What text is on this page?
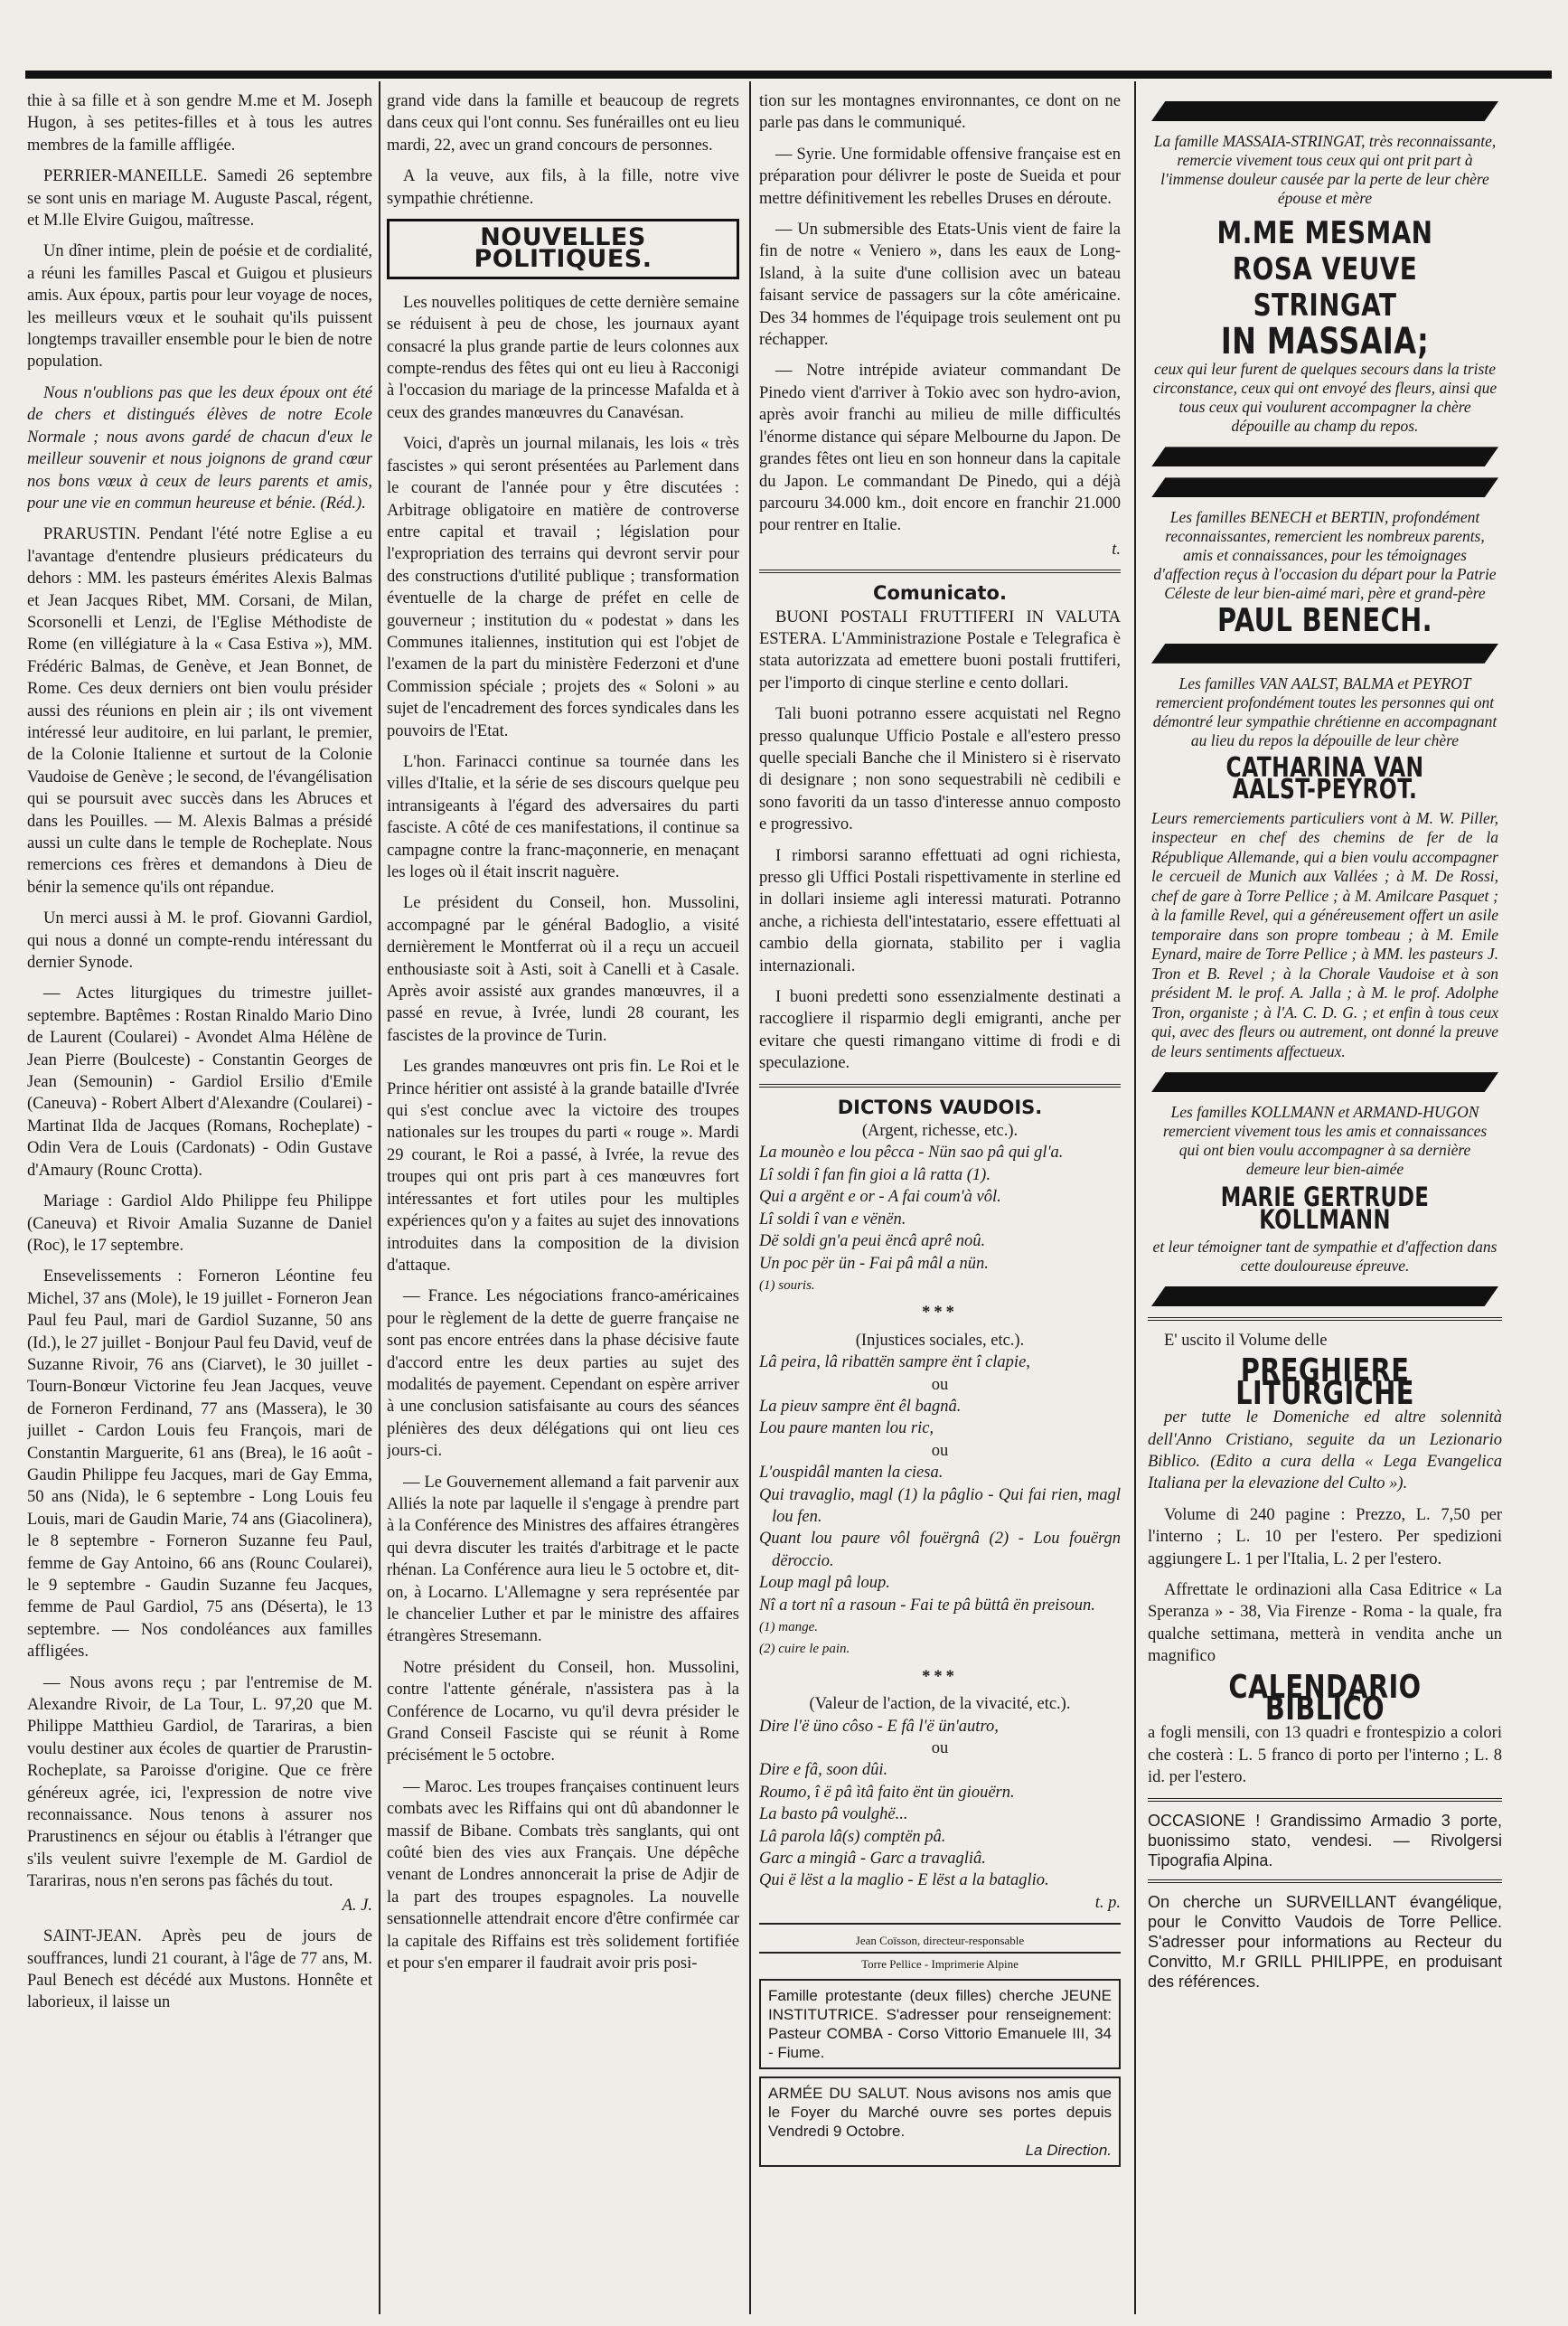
thie à sa fille et à son gendre M.me et M. Joseph Hugon, à ses petites-filles et à tous les autres membres de la famille affligée.

PERRIER-MANEILLE. Samedi 26 septembre se sont unis en mariage M. Auguste Pascal, régent, et M.lle Elvire Guigou, maîtresse.

Un dîner intime, plein de poésie et de cordialité, a réuni les familles Pascal et Guigou et plusieurs amis. Aux époux, partis pour leur voyage de noces, les meilleurs vœux et le souhait qu'ils puissent longtemps travailler ensemble pour le bien de notre population.

Nous n'oublions pas que les deux époux ont été de chers et distingués élèves de notre Ecole Normale ; nous avons gardé de chacun d'eux le meilleur souvenir et nous joignons de grand cœur nos bons vœux à ceux de leurs parents et amis, pour une vie en commun heureuse et bénie. (Réd.).

PRARUSTIN. Pendant l'été notre Eglise a eu l'avantage d'entendre plusieurs prédicateurs du dehors : MM. les pasteurs émérites Alexis Balmas et Jean Jacques Ribet, MM. Corsani, de Milan, Scorsonelli et Lenzi, de l'Eglise Méthodiste de Rome (en villégiature à la « Casa Estiva »), MM. Frédéric Balmas, de Genève, et Jean Bonnet, de Rome. Ces deux derniers ont bien voulu présider aussi des réunions en plein air ; ils ont vivement intéressé leur auditoire, en lui parlant, le premier, de la Colonie Italienne et surtout de la Colonie Vaudoise de Genève ; le second, de l'évangélisation qui se poursuit avec succès dans les Abruces et dans les Pouilles. — M. Alexis Balmas a présidé aussi un culte dans le temple de Rocheplate. Nous remercions ces frères et demandons à Dieu de bénir la semence qu'ils ont répandue.

Un merci aussi à M. le prof. Giovanni Gardiol, qui nous a donné un compte-rendu intéressant du dernier Synode.

— Actes liturgiques du trimestre juillet-septembre. Baptêmes : Rostan Rinaldo Mario Dino de Laurent (Coularei) - Avondet Alma Hélène de Jean Pierre (Boulceste) - Constantin Georges de Jean (Semounin) - Gardiol Ersilio d'Emile (Caneuva) - Robert Albert d'Alexandre (Coularei) - Martinat Ilda de Jacques (Romans, Rocheplate) - Odin Vera de Louis (Cardonats) - Odin Gustave d'Amaury (Rounc Crotta).

Mariage : Gardiol Aldo Philippe feu Philippe (Caneuva) et Rivoir Amalia Suzanne de Daniel (Roc), le 17 septembre.

Ensevelissements : Forneron Léontine feu Michel, 37 ans (Mole), le 19 juillet - Forneron Jean Paul feu Paul, mari de Gardiol Suzanne, 50 ans (Id.), le 27 juillet - Bonjour Paul feu David, veuf de Suzanne Rivoir, 76 ans (Ciarvet), le 30 juillet - Tourn-Bonœur Victorine feu Jean Jacques, veuve de Forneron Ferdinand, 77 ans (Massera), le 30 juillet - Cardon Louis feu François, mari de Constantin Marguerite, 61 ans (Brea), le 16 août - Gaudin Philippe feu Jacques, mari de Gay Emma, 50 ans (Nida), le 6 septembre - Long Louis feu Louis, mari de Gaudin Marie, 74 ans (Giacolinera), le 8 septembre - Forneron Suzanne feu Paul, femme de Gay Antoino, 66 ans (Rounc Coularei), le 9 septembre - Gaudin Suzanne feu Jacques, femme de Paul Gardiol, 75 ans (Déserta), le 13 septembre. — Nos condoléances aux familles affligées.

— Nous avons reçu ; par l'entremise de M. Alexandre Rivoir, de La Tour, L. 97,20 que M. Philippe Matthieu Gardiol, de Tarariras, a bien voulu destiner aux écoles de quartier de Prarustin-Rocheplate, sa Paroisse d'origine. Que ce frère généreux agrée, ici, l'expression de notre vive reconnaissance. Nous tenons à assurer nos Prarustinencs en séjour ou établis à l'étranger que s'ils veulent suivre l'exemple de M. Gardiol de Tarariras, nous n'en serons pas fâchés du tout.

A. J.

SAINT-JEAN. Après peu de jours de souffrances, lundi 21 courant, à l'âge de 77 ans, M. Paul Benech est décédé aux Mustons. Honnête et laborieux, il laisse un

grand vide dans la famille et beaucoup de regrets dans ceux qui l'ont connu. Ses funérailles ont eu lieu mardi, 22, avec un grand concours de personnes.

A la veuve, aux fils, à la fille, notre vive sympathie chrétienne.

NOUVELLES POLITIQUES.

Les nouvelles politiques de cette dernière semaine se réduisent à peu de chose, les journaux ayant consacré la plus grande partie de leurs colonnes aux compte-rendus des fêtes qui ont eu lieu à Racconigi à l'occasion du mariage de la princesse Mafalda et à ceux des grandes manœuvres du Canavésan.

Voici, d'après un journal milanais, les lois « très fascistes » qui seront présentées au Parlement dans le courant de l'année pour y être discutées : Arbitrage obligatoire en matière de controverse entre capital et travail ; législation pour l'expropriation des terrains qui devront servir pour des constructions d'utilité publique ; transformation éventuelle de la charge de préfet en celle de gouverneur ; institution du « podestat » dans les Communes italiennes, institution qui est l'objet de l'examen de la part du ministère Federzoni et d'une Commission spéciale ; projets des « Soloni » au sujet de l'encadrement des forces syndicales dans les pouvoirs de l'Etat.

L'hon. Farinacci continue sa tournée dans les villes d'Italie, et la série de ses discours quelque peu intransigeants à l'égard des adversaires du parti fasciste. A côté de ces manifestations, il continue sa campagne contre la franc-maçonnerie, en menaçant les loges où il était inscrit naguère.

Le président du Conseil, hon. Mussolini, accompagné par le général Badoglio, a visité dernièrement le Montferrat où il a reçu un accueil enthousiaste soit à Asti, soit à Canelli et à Casale. Après avoir assisté aux grandes manœuvres, il a passé en revue, à Ivrée, lundi 28 courant, les fascistes de la province de Turin.

Les grandes manœuvres ont pris fin. Le Roi et le Prince héritier ont assisté à la grande bataille d'Ivrée qui s'est conclue avec la victoire des troupes nationales sur les troupes du parti « rouge ». Mardi 29 courant, le Roi a passé, à Ivrée, la revue des troupes qui ont pris part à ces manœuvres fort intéressantes et fort utiles pour les multiples expériences qu'on y a faites au sujet des innovations introduites dans la composition de la division d'attaque.

— France. Les négociations franco-américaines pour le règlement de la dette de guerre française ne sont pas encore entrées dans la phase décisive faute d'accord entre les deux parties au sujet des modalités de payement. Cependant on espère arriver à une conclusion satisfaisante au cours des séances plénières des deux délégations qui ont lieu ces jours-ci.

— Le Gouvernement allemand a fait parvenir aux Alliés la note par laquelle il s'engage à prendre part à la Conférence des Ministres des affaires étrangères qui devra discuter les traités d'arbitrage et le pacte rhénan. La Conférence aura lieu le 5 octobre et, dit-on, à Locarno. L'Allemagne y sera représentée par le chancelier Luther et par le ministre des affaires étrangères Stresemann.

Notre président du Conseil, hon. Mussolini, contre l'attente générale, n'assistera pas à la Conférence de Locarno, vu qu'il devra présider le Grand Conseil Fasciste qui se réunit à Rome précisément le 5 octobre.

— Maroc. Les troupes françaises continuent leurs combats avec les Riffains qui ont dû abandonner le massif de Bibane. Combats très sanglants, qui ont coûté bien des vies aux Français. Une dépêche venant de Londres annoncerait la prise de Adjir de la part des troupes espagnoles. La nouvelle sensationnelle attendrait encore d'être confirmée car la capitale des Riffains est très solidement fortifiée et pour s'en emparer il faudrait avoir pris posi-

tion sur les montagnes environnantes, ce dont on ne parle pas dans le communiqué.

— Syrie. Une formidable offensive française est en préparation pour délivrer le poste de Sueida et pour mettre définitivement les rebelles Druses en déroute.

— Un submersible des Etats-Unis vient de faire la fin de notre « Veniero », dans les eaux de Long-Island, à la suite d'une collision avec un bateau faisant service de passagers sur la côte américaine. Des 34 hommes de l'équipage trois seulement ont pu réchapper.

— Notre intrépide aviateur commandant De Pinedo vient d'arriver à Tokio avec son hydro-avion, après avoir franchi au milieu de mille difficultés l'énorme distance qui sépare Melbourne du Japon. De grandes fêtes ont lieu en son honneur dans la capitale du Japon. Le commandant De Pinedo, qui a déjà parcouru 34.000 km., doit encore en franchir 21.000 pour rentrer en Italie.

t.

Comunicato.

BUONI POSTALI FRUTTIFERI IN VALUTA ESTERA. L'Amministrazione Postale e Telegrafica è stata autorizzata ad emettere buoni postali fruttiferi, per l'importo di cinque sterline e cento dollari.

Tali buoni potranno essere acquistati nel Regno presso qualunque Ufficio Postale e all'estero presso quelle speciali Banche che il Ministero si è riservato di designare ; non sono sequestrabili nè cedibili e sono favoriti da un tasso d'interesse annuo composto e progressivo.

I rimborsi saranno effettuati ad ogni richiesta, presso gli Uffici Postali rispettivamente in sterline ed in dollari insieme agli interessi maturati. Potranno anche, a richiesta dell'intestatario, essere effettuati al cambio della giornata, stabilito per i vaglia internazionali.

I buoni predetti sono essenzialmente destinati a raccogliere il risparmio degli emigranti, anche per evitare che questi rimangano vittime di frodi e di speculazione.

DICTONS VAUDOIS.

(Argent, richesse, etc.).

La mounèo e lou pêcca - Nün sao pâ qui gl'a.

Lî soldi î fan fin gioi a lâ ratta (1).

Qui a argënt e or - A fai coum'à vôl.

Lî soldi î van e vënën.

Dë soldi gn'a peui ëncâ aprê noû.

Un poc për ün - Fai pâ mâl a nün.

(1) souris.

***

(Injustices sociales, etc.).

Lâ peira, lâ ribattën sampre ënt î clapie,

ou

La pieuv sampre ënt êl bagnâ.

Lou paure manten lou ric,

ou

L'ouspidâl manten la ciesa.

Qui travaglio, magl (1) la pâglio - Qui fai rien, magl lou fen.

Quant lou paure vôl fouërgnâ (2) - Lou fouërgn dëroccio.

Loup magl pâ loup.

Nî a tort nî a rasoun - Fai te pâ büttâ ën preisoun.

(1) mange.

(2) cuire le pain.

***

(Valeur de l'action, de la vivacité, etc.).

Dire l'ë üno côso - E fâ l'ë ün'autro,

ou

Dire e fâ, soon dûi.

Roumo, î ë pâ ìtâ faito ënt ün giouërn.

La basto pâ voulghë...

Lâ parola lâ(s) comptën pâ.

Garc a mingiâ - Garc a travagliâ.

Qui ë lëst a la maglio - E lëst a la bataglio.

t. p.

Jean Coïsson, directeur-responsable
Torre Pellice - Imprimerie Alpine
Famille protestante (deux filles) cherche JEUNE INSTITUTRICE. S'adresser pour renseignement: Pasteur COMBA - Corso Vittorio Emanuele III, 34 - Fiume.
ARMÉE DU SALUT. Nous avisons nos amis que le Foyer du Marché ouvre ses portes depuis Vendredi 9 Octobre.
La Direction.

La famille MASSAIA-STRINGAT, très reconnaissante, remercie vivement tous ceux qui ont prit part à l'immense douleur causée par la perte de leur chère épouse et mère

M.ME MESMAN ROSA VEUVE STRINGAT
IN MASSAIA;

ceux qui leur furent de quelques secours dans la triste circonstance, ceux qui ont envoyé des fleurs, ainsi que tous ceux qui voulurent accompagner la chère dépouille au champ du repos.

Les familles BENECH et BERTIN, profondément reconnaissantes, remercient les nombreux parents, amis et connaissances, pour les témoignages d'affection reçus à l'occasion du départ pour la Patrie Céleste de leur bien-aimé mari, père et grand-père

PAUL BENECH.

Les familles VAN AALST, BALMA et PEYROT remercient profondément toutes les personnes qui ont démontré leur sympathie chrétienne en accompagnant au lieu du repos la dépouille de leur chère

CATHARINA VAN AALST-PEYROT.

Leurs remerciements particuliers vont à M. W. Piller, inspecteur en chef des chemins de fer de la République Allemande, qui a bien voulu accompagner le cercueil de Munich aux Vallées ; à M. De Rossi, chef de gare à Torre Pellice ; à M. Amilcare Pasquet ; à la famille Revel, qui a généreusement offert un asile temporaire dans son propre tombeau ; à M. Emile Eynard, maire de Torre Pellice ; à MM. les pasteurs J. Tron et B. Revel ; à la Chorale Vaudoise et à son président M. le prof. A. Jalla ; à M. le prof. Adolphe Tron, organiste ; à l'A. C. D. G. ; et enfin à tous ceux qui, avec des fleurs ou autrement, ont donné la preuve de leurs sentiments affectueux.

Les familles KOLLMANN et ARMAND-HUGON remercient vivement tous les amis et connaissances qui ont bien voulu accompagner à sa dernière demeure leur bien-aimée

MARIE GERTRUDE KOLLMANN

et leur témoigner tant de sympathie et d'affection dans cette douloureuse épreuve.

E' uscito il Volume delle

PREGHIERE LITURGICHE

per tutte le Domeniche ed altre solennità dell'Anno Cristiano, seguite da un Lezionario Biblico. (Edito a cura della « Lega Evangelica Italiana per la elevazione del Culto »).

Volume di 240 pagine : Prezzo, L. 7,50 per l'interno ; L. 10 per l'estero. Per spedizioni aggiungere L. 1 per l'Italia, L. 2 per l'estero.

Affrettate le ordinazioni alla Casa Editrice « La Speranza » - 38, Via Firenze - Roma - la quale, fra qualche settimana, metterà in vendita anche un magnifico

CALENDARIO BIBLICO

a fogli mensili, con 13 quadri e frontespizio a colori che costerà : L. 5 franco di porto per l'interno ; L. 8 id. per l'estero.

OCCASIONE ! Grandissimo Armadio 3 porte, buonissimo stato, vendesi. — Rivolgersi Tipografia Alpina.

On cherche un SURVEILLANT évangélique, pour le Convitto Vaudois de Torre Pellice. S'adresser pour informations au Recteur du Convitto, M.r GRILL PHILIPPE, en produisant des références.
